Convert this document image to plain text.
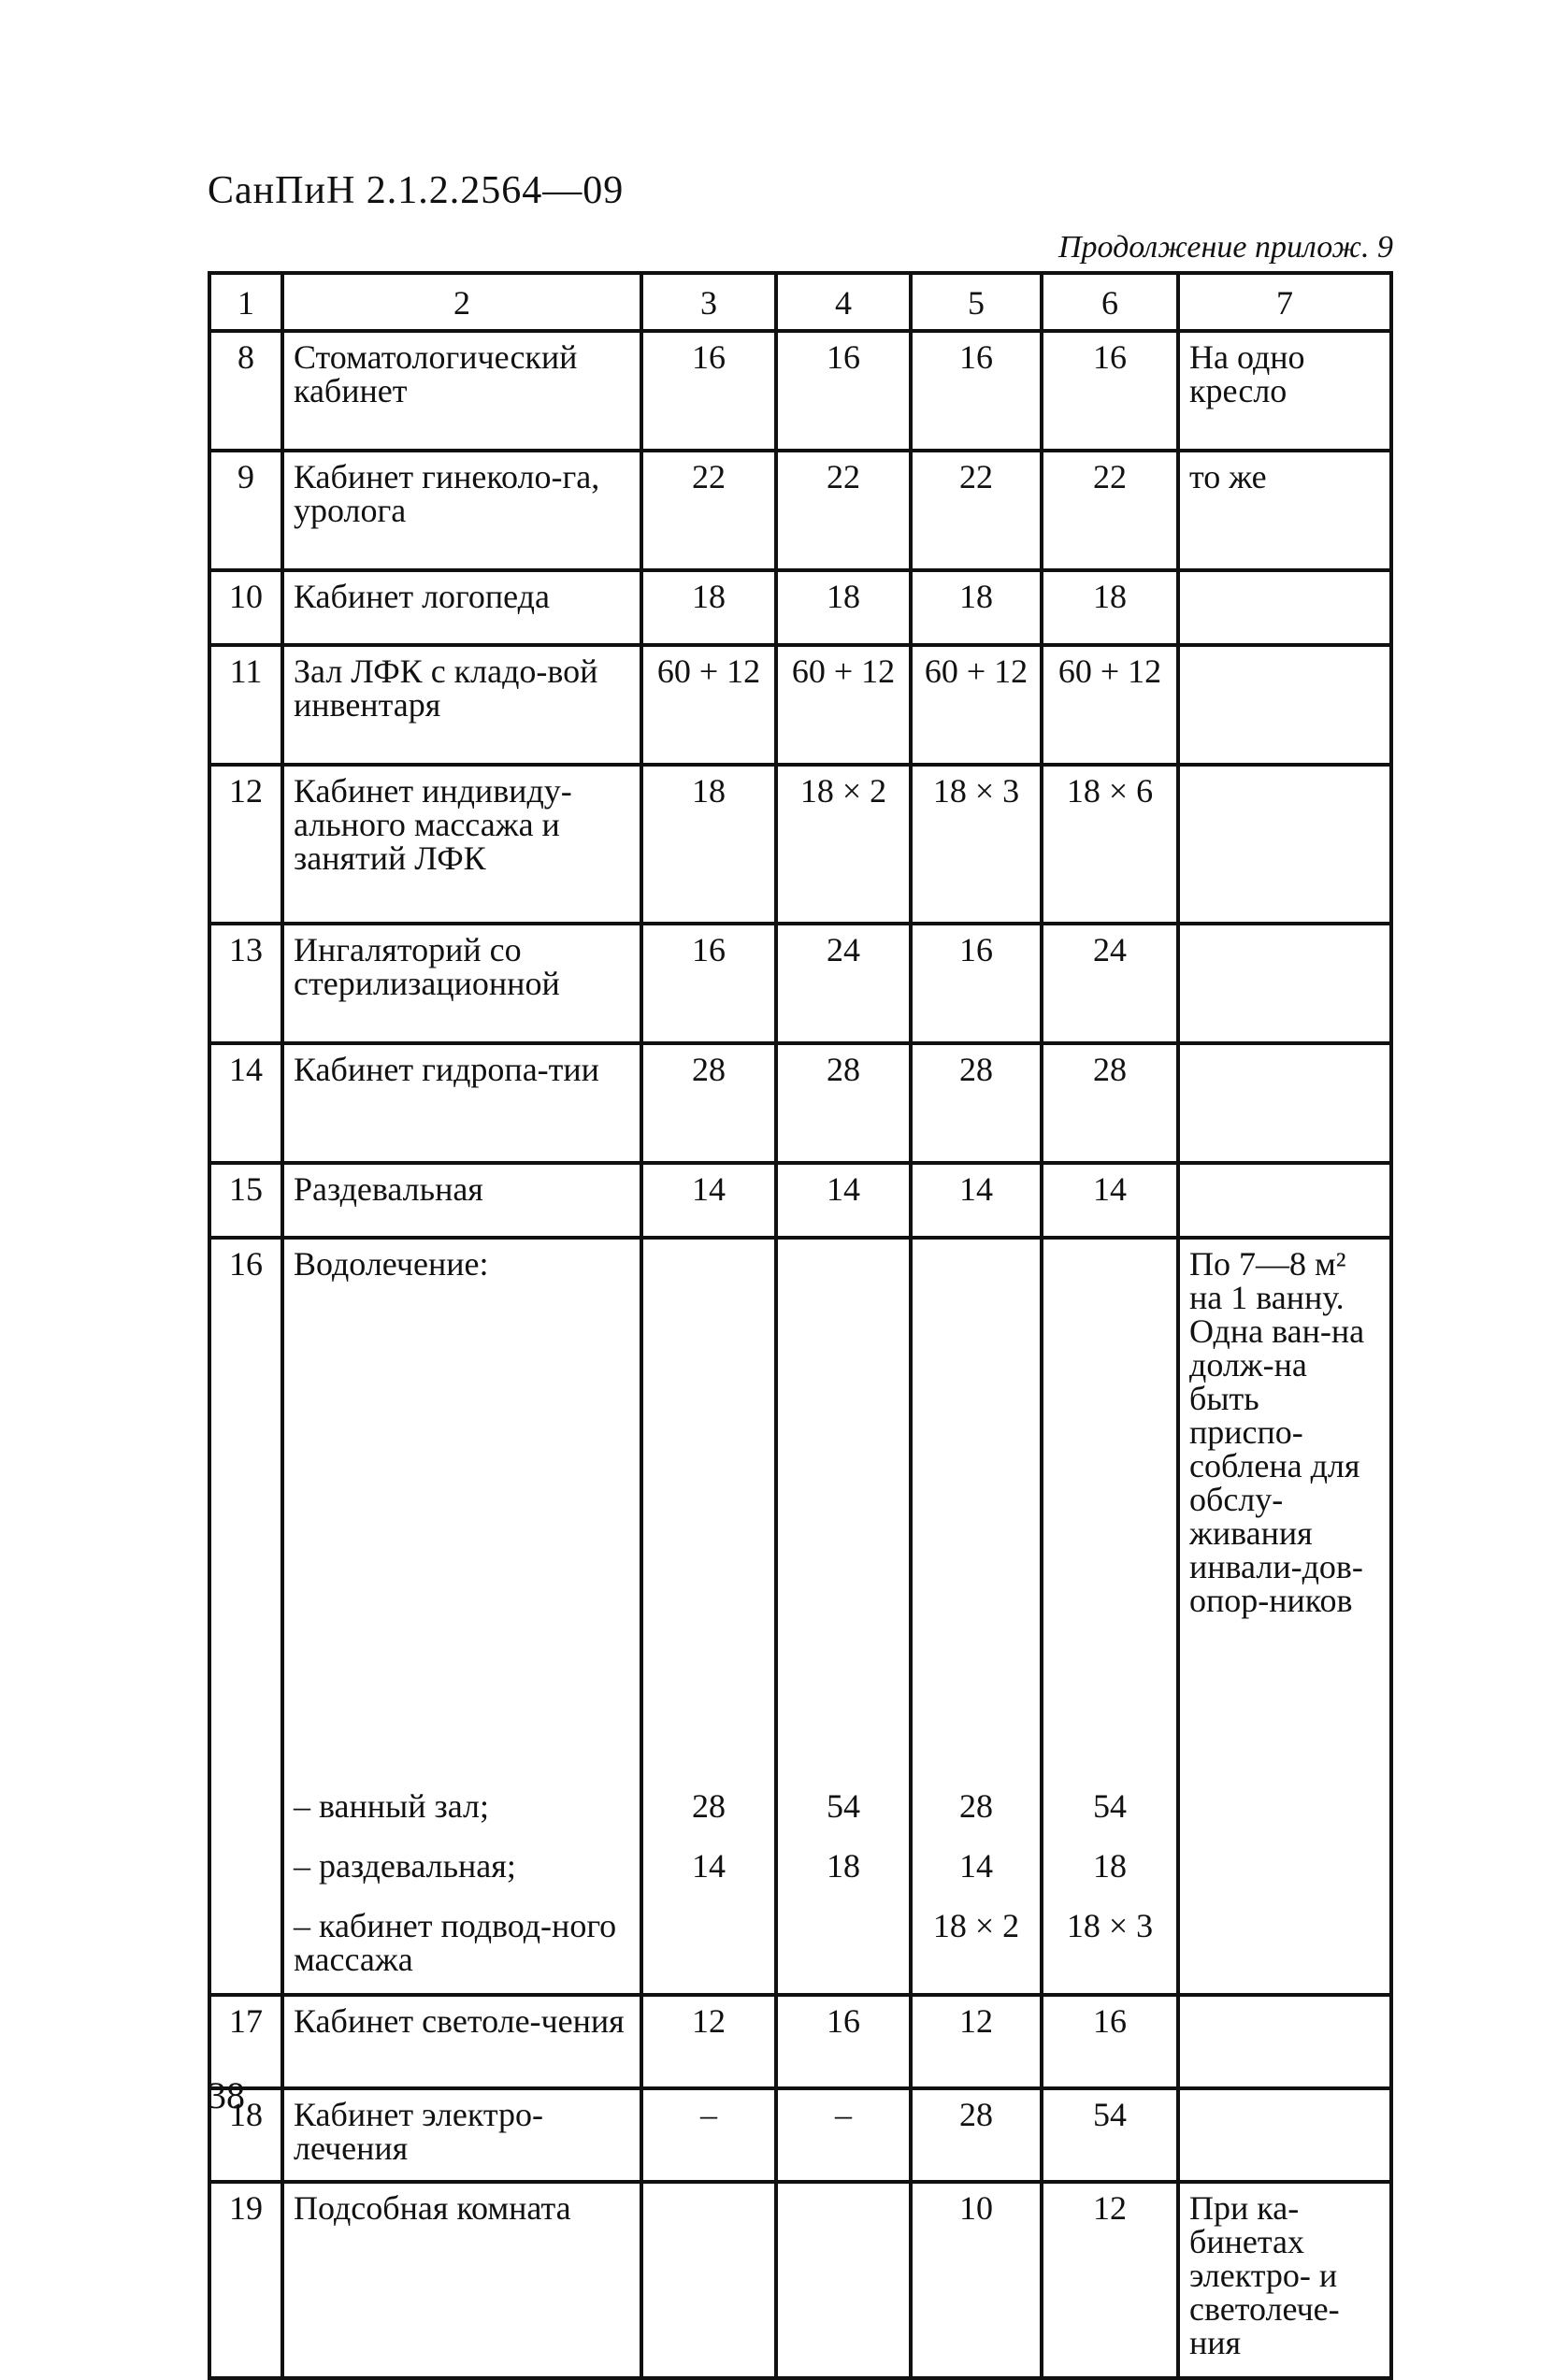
СанПиН 2.1.2.2564—09
Продолжение прилож. 9
1	2	3	4	5	6	7
8	Стоматологический кабинет	16	16	16	16	На одно кресло
9	Кабинет гинеколо-га, уролога	22	22	22	22	то же
10	Кабинет логопеда	18	18	18	18	
11	Зал ЛФК с кладо-вой инвентаря	60 + 12	60 + 12	60 + 12	60 + 12	
12	Кабинет индивиду-ального массажа и занятий ЛФК	18	18 × 2	18 × 3	18 × 6	
13	Ингаляторий со стерилизационной	16	24	16	24	
14	Кабинет гидропа-тии	28	28	28	28	
15	Раздевальная	14	14	14	14	
16	Водолечение:					По 7—8 м² на 1 ванну. Одна ван-на долж-на быть приспо-соблена для обслу-живания инвали-дов-опор-ников
	– ванный зал;	28	54	28	54	
	– раздевальная;	14	18	14	18	
	– кабинет подвод-ного массажа			18 × 2	18 × 3	
17	Кабинет светоле-чения	12	16	12	16	
18	Кабинет электро-лечения	–	–	28	54	
19	Подсобная комната			10	12	При ка-бинетах электро- и светолече-ния
38
